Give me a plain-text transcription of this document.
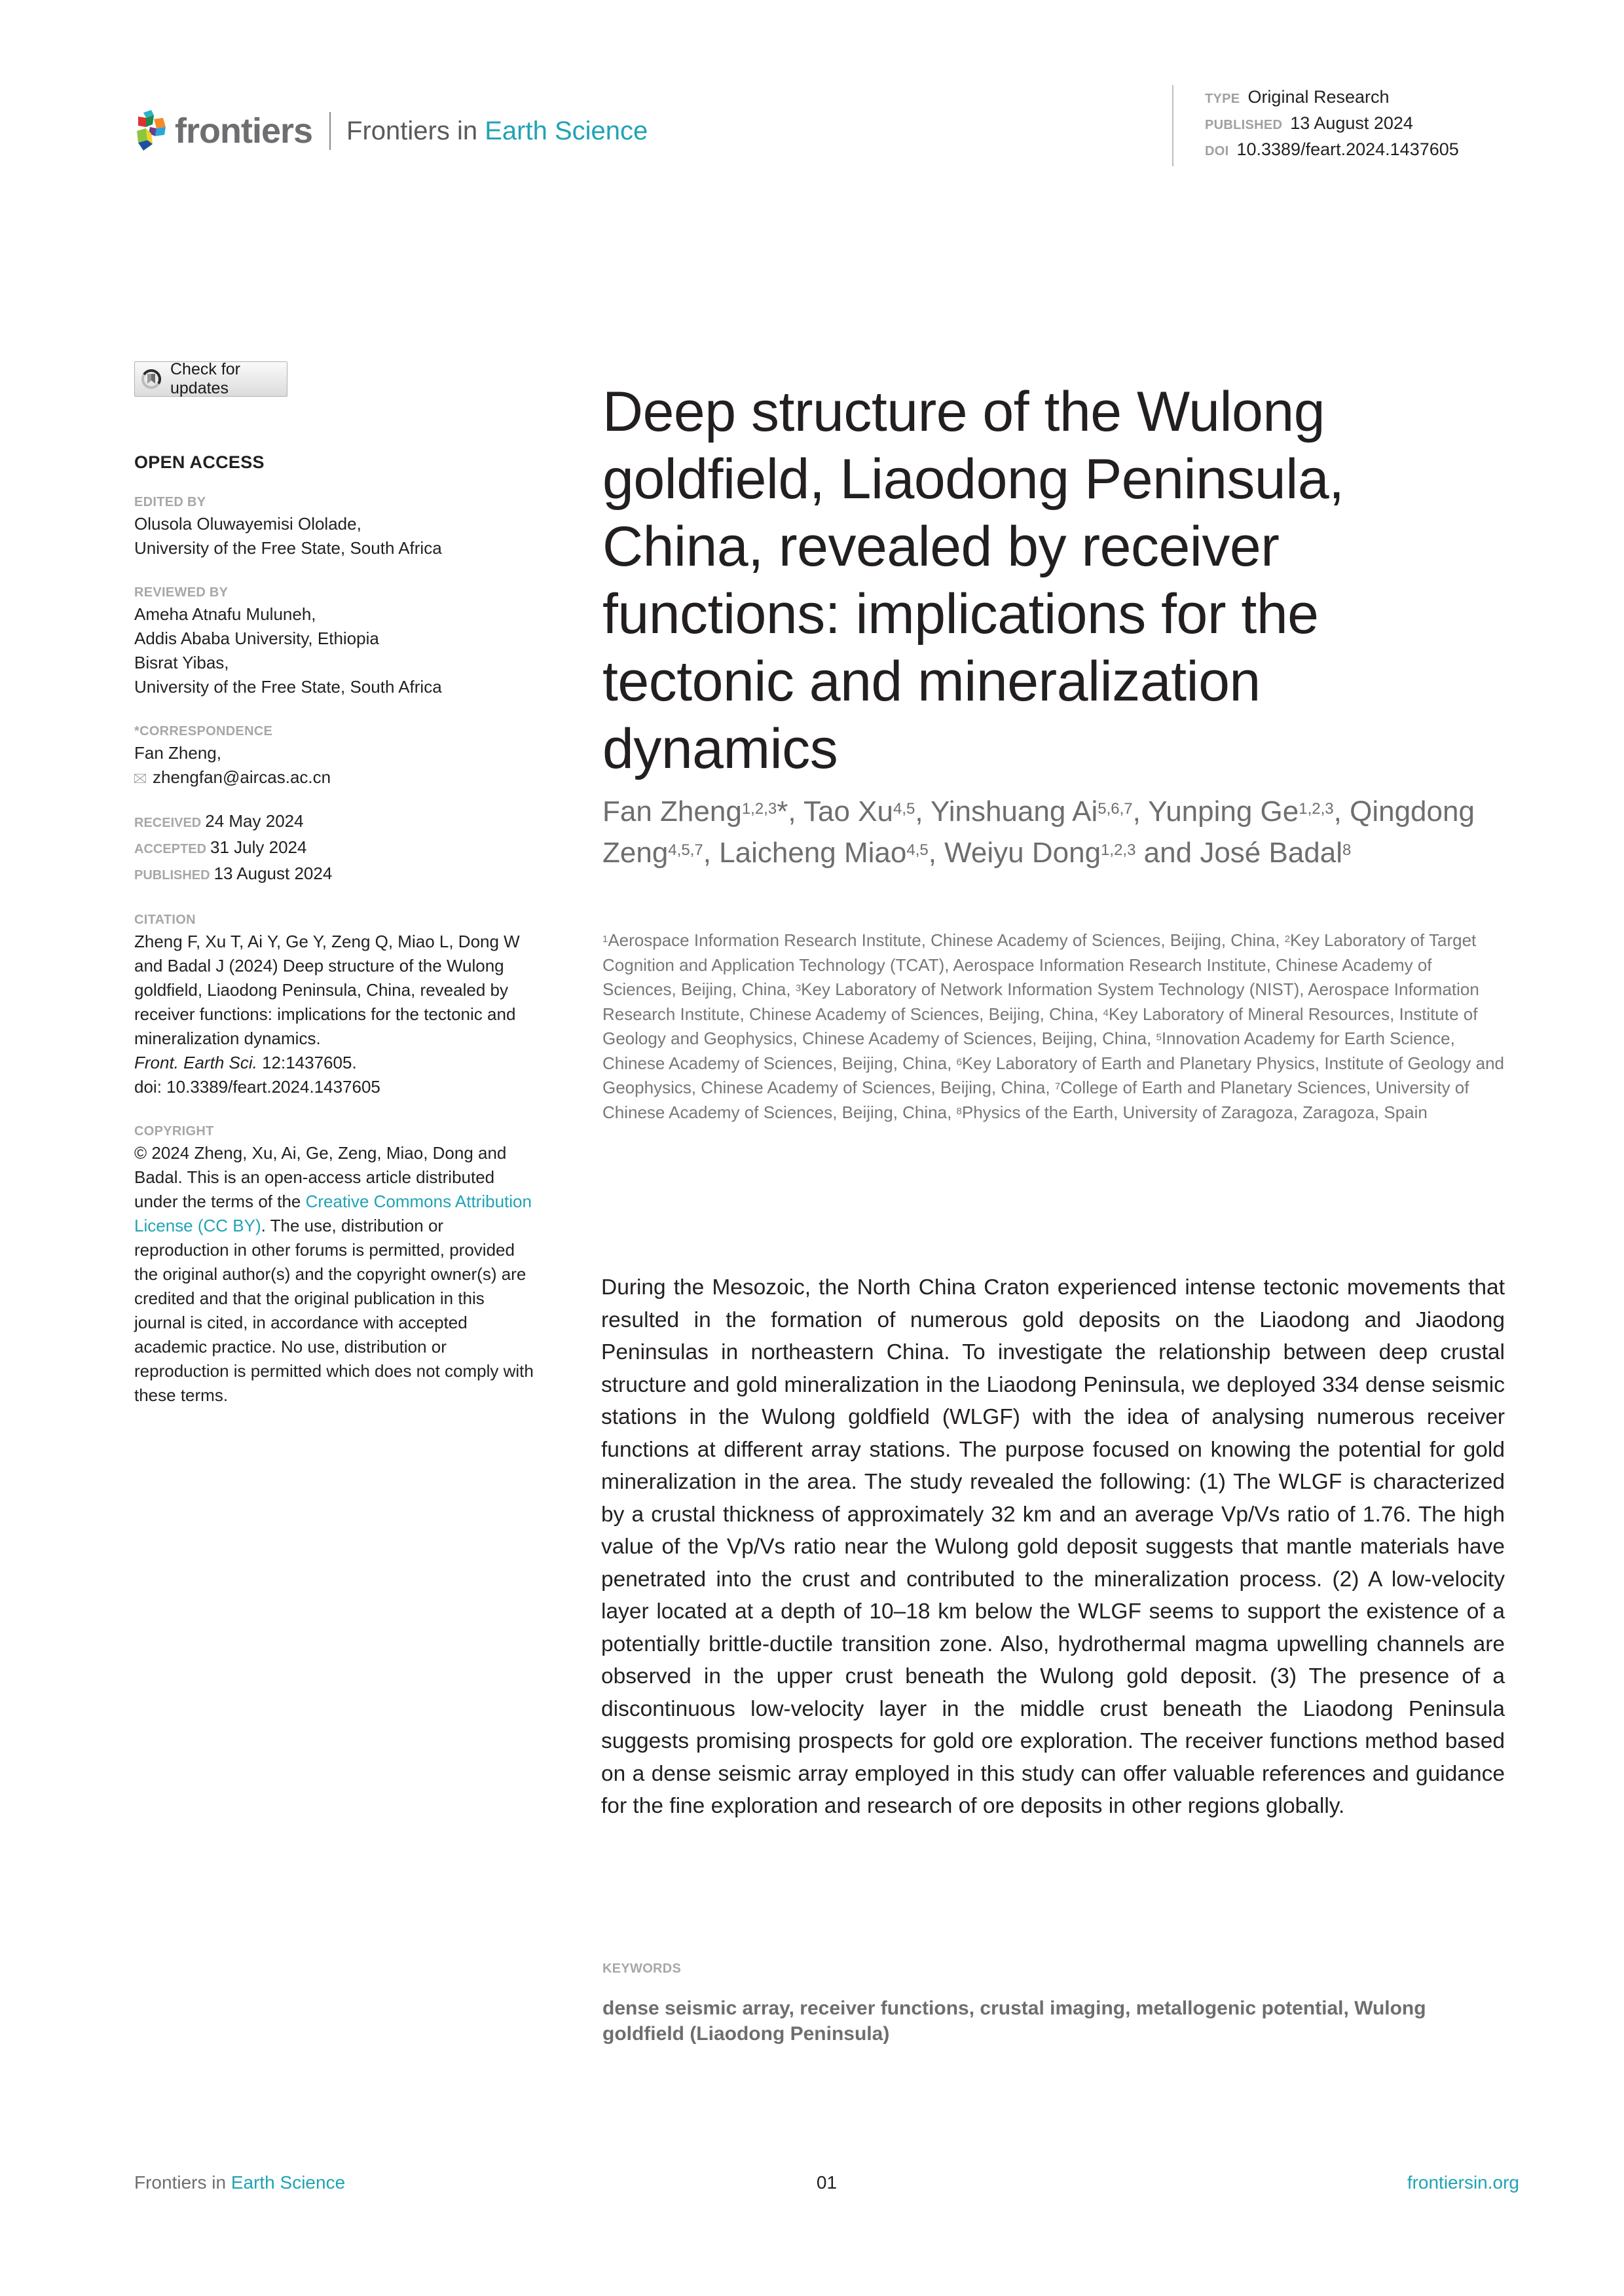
frontiers Frontiers in Earth Science
TYPE Original Research
PUBLISHED 13 August 2024
DOI 10.3389/feart.2024.1437605
Check for updates
OPEN ACCESS
EDITED BY
Olusola Oluwayemisi Ololade,
University of the Free State, South Africa
REVIEWED BY
Ameha Atnafu Muluneh,
Addis Ababa University, Ethiopia
Bisrat Yibas,
University of the Free State, South Africa
*CORRESPONDENCE
Fan Zheng,
zhengfan@aircas.ac.cn
RECEIVED 24 May 2024
ACCEPTED 31 July 2024
PUBLISHED 13 August 2024
CITATION
Zheng F, Xu T, Ai Y, Ge Y, Zeng Q, Miao L, Dong W and Badal J (2024) Deep structure of the Wulong goldfield, Liaodong Peninsula, China, revealed by receiver functions: implications for the tectonic and mineralization dynamics.
Front. Earth Sci. 12:1437605.
doi: 10.3389/feart.2024.1437605
COPYRIGHT
© 2024 Zheng, Xu, Ai, Ge, Zeng, Miao, Dong and Badal. This is an open-access article distributed under the terms of the Creative Commons Attribution License (CC BY). The use, distribution or reproduction in other forums is permitted, provided the original author(s) and the copyright owner(s) are credited and that the original publication in this journal is cited, in accordance with accepted academic practice. No use, distribution or reproduction is permitted which does not comply with these terms.
Deep structure of the Wulong goldfield, Liaodong Peninsula, China, revealed by receiver functions: implications for the tectonic and mineralization dynamics
Fan Zheng$^{1,2,3}$*, Tao Xu$^{4,5}$, Yinshuang Ai$^{5,6,7}$, Yunping Ge$^{1,2,3}$, Qingdong Zeng$^{4,5,7}$, Laicheng Miao$^{4,5}$, Weiyu Dong$^{1,2,3}$ and José Badal$^8$
$^1$Aerospace Information Research Institute, Chinese Academy of Sciences, Beijing, China, $^2$Key Laboratory of Target Cognition and Application Technology (TCAT), Aerospace Information Research Institute, Chinese Academy of Sciences, Beijing, China, $^3$Key Laboratory of Network Information System Technology (NIST), Aerospace Information Research Institute, Chinese Academy of Sciences, Beijing, China, $^4$Key Laboratory of Mineral Resources, Institute of Geology and Geophysics, Chinese Academy of Sciences, Beijing, China, $^5$Innovation Academy for Earth Science, Chinese Academy of Sciences, Beijing, China, $^6$Key Laboratory of Earth and Planetary Physics, Institute of Geology and Geophysics, Chinese Academy of Sciences, Beijing, China, $^7$College of Earth and Planetary Sciences, University of Chinese Academy of Sciences, Beijing, China, $^8$Physics of the Earth, University of Zaragoza, Zaragoza, Spain

During the Mesozoic, the North China Craton experienced intense tectonic movements that resulted in the formation of numerous gold deposits on the Liaodong and Jiaodong Peninsulas in northeastern China. To investigate the relationship between deep crustal structure and gold mineralization in the Liaodong Peninsula, we deployed 334 dense seismic stations in the Wulong goldfield (WLGF) with the idea of analysing numerous receiver functions at different array stations. The purpose focused on knowing the potential for gold mineralization in the area. The study revealed the following: (1) The WLGF is characterized by a crustal thickness of approximately 32 km and an average Vp/Vs ratio of 1.76. The high value of the Vp/Vs ratio near the Wulong gold deposit suggests that mantle materials have penetrated into the crust and contributed to the mineralization process. (2) A low-velocity layer located at a depth of 10–18 km below the WLGF seems to support the existence of a potentially brittle-ductile transition zone. Also, hydrothermal magma upwelling channels are observed in the upper crust beneath the Wulong gold deposit. (3) The presence of a discontinuous low-velocity layer in the middle crust beneath the Liaodong Peninsula suggests promising prospects for gold ore exploration. The receiver functions method based on a dense seismic array employed in this study can offer valuable references and guidance for the fine exploration and research of ore deposits in other regions globally.

KEYWORDS
dense seismic array, receiver functions, crustal imaging, metallogenic potential, Wulong goldfield (Liaodong Peninsula)
Frontiers in Earth Science	01	frontiersin.org
